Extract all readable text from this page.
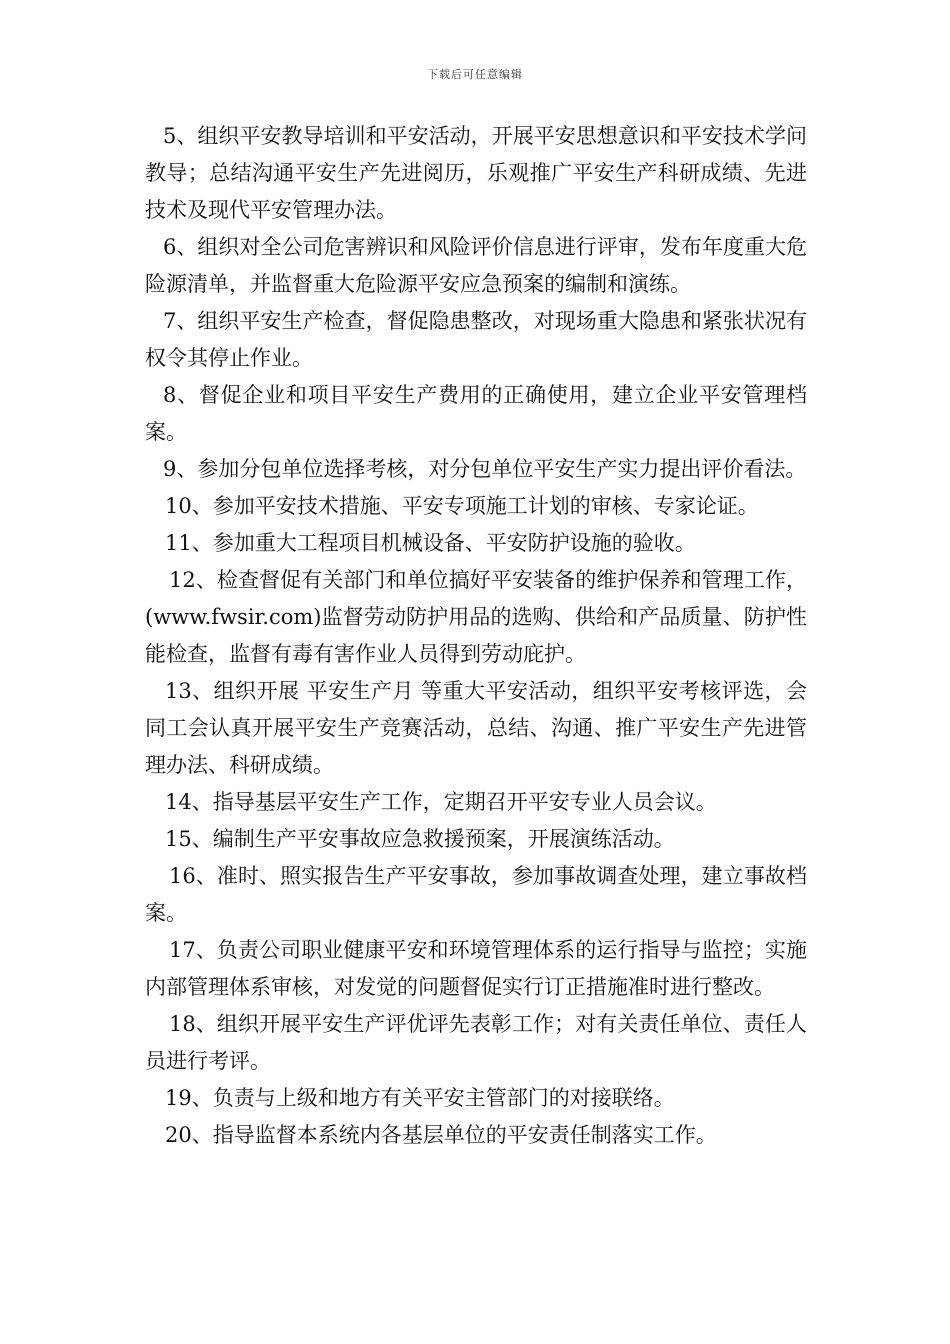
下载后可任意编辑

5、组织平安教导培训和平安活动，开展平安思想意识和平安技术学问教导；总结沟通平安生产先进阅历，乐观推广平安生产科研成绩、先进技术及现代平安管理办法。

6、组织对全公司危害辨识和风险评价信息进行评审，发布年度重大危险源清单，并监督重大危险源平安应急预案的编制和演练。

7、组织平安生产检查，督促隐患整改，对现场重大隐患和紧张状况有权令其停止作业。

8、督促企业和项目平安生产费用的正确使用，建立企业平安管理档案。

9、参加分包单位选择考核，对分包单位平安生产实力提出评价看法。

10、参加平安技术措施、平安专项施工计划的审核、专家论证。

11、参加重大工程项目机械设备、平安防护设施的验收。

12、检查督促有关部门和单位搞好平安装备的维护保养和管理工作，(www.fwsir.com)监督劳动防护用品的选购、供给和产品质量、防护性能检查，监督有毒有害作业人员得到劳动庇护。

13、组织开展 平安生产月 等重大平安活动，组织平安考核评选，会同工会认真开展平安生产竞赛活动，总结、沟通、推广平安生产先进管理办法、科研成绩。

14、指导基层平安生产工作，定期召开平安专业人员会议。

15、编制生产平安事故应急救援预案，开展演练活动。

16、准时、照实报告生产平安事故，参加事故调查处理，建立事故档案。

17、负责公司职业健康平安和环境管理体系的运行指导与监控；实施内部管理体系审核，对发觉的问题督促实行订正措施准时进行整改。

18、组织开展平安生产评优评先表彰工作；对有关责任单位、责任人员进行考评。

19、负责与上级和地方有关平安主管部门的对接联络。

20、指导监督本系统内各基层单位的平安责任制落实工作。
